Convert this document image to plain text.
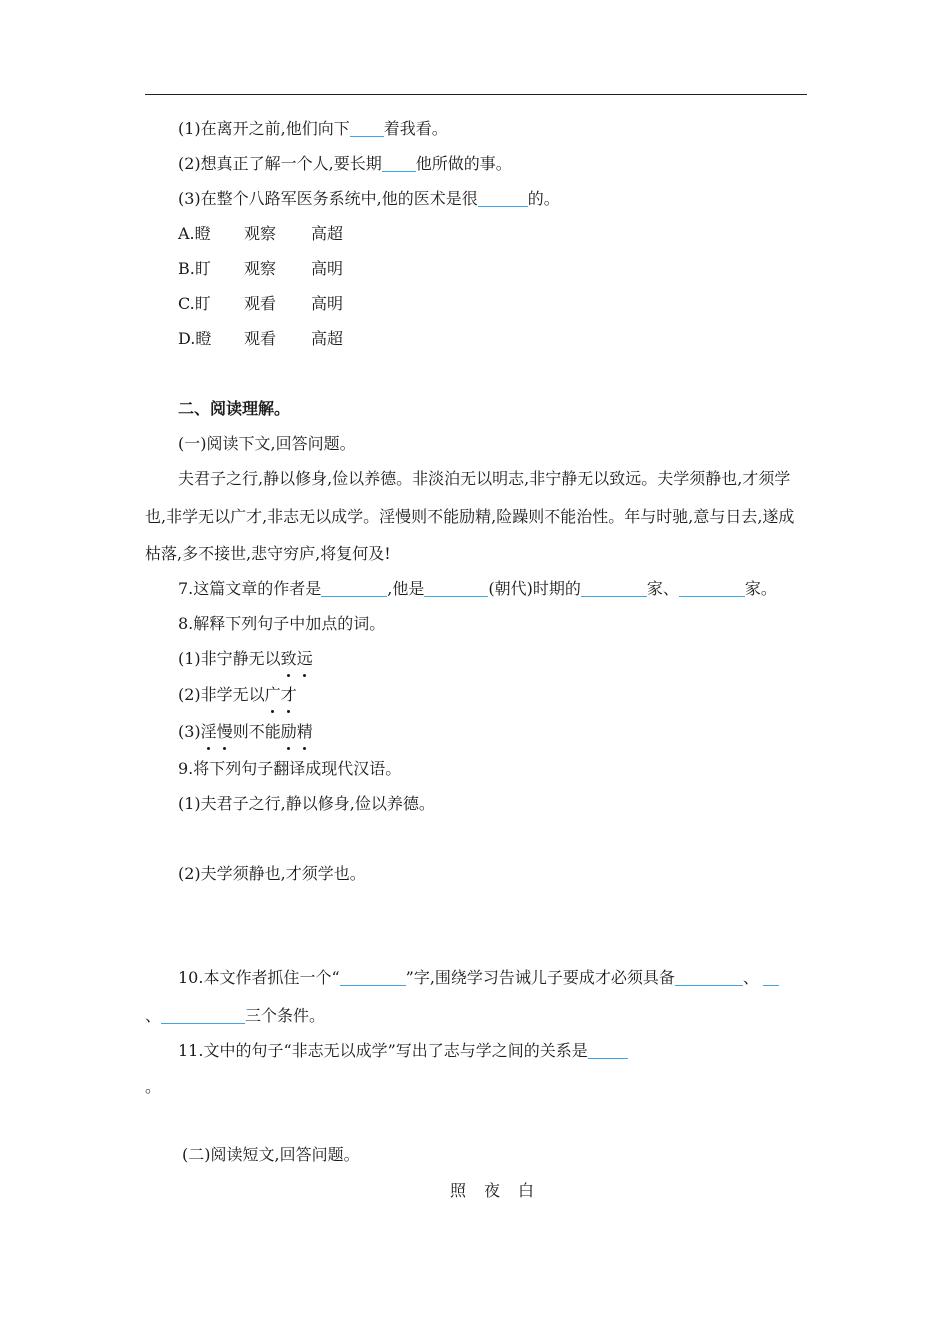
(1)在离开之前,他们向下 着我看。
(2)想真正了解一个人,要长期 他所做的事。
(3)在整个八路军医务系统中,他的医术是很	的。
A.瞪 观察 高超
B.盯 观察 高明
C.盯 观看 高明
D.瞪 观看 高超
二、阅读理解。
(一)阅读下文,回答问题。
夫君子之行,静以修身,俭以养德。非淡泊无以明志,非宁静无以致远。夫学须静也,才须学
也,非学无以广才,非志无以成学。淫慢则不能励精,险躁则不能治性。年与时驰,意与日去,遂成
枯落,多不接世,悲守穷庐,将复何及!
7.这篇文章的作者是	,他是	(朝代)时期的	家、	家。
8.解释下列句子中加点的词。
(1)非宁静无以致远
(2)非学无以广才
(3)淫慢则不能励精
9.将下列句子翻译成现代汉语。
(1)夫君子之行,静以修身,俭以养德。
(2)夫学须静也,才须学也。
10.本文作者抓住一个“	”字,围绕学习告诫儿子要成才必须具备	、
、	三个条件。
11.文中的句子“非志无以成学”写出了志与学之间的关系是
。
(二)阅读短文,回答问题。
照 夜 白
